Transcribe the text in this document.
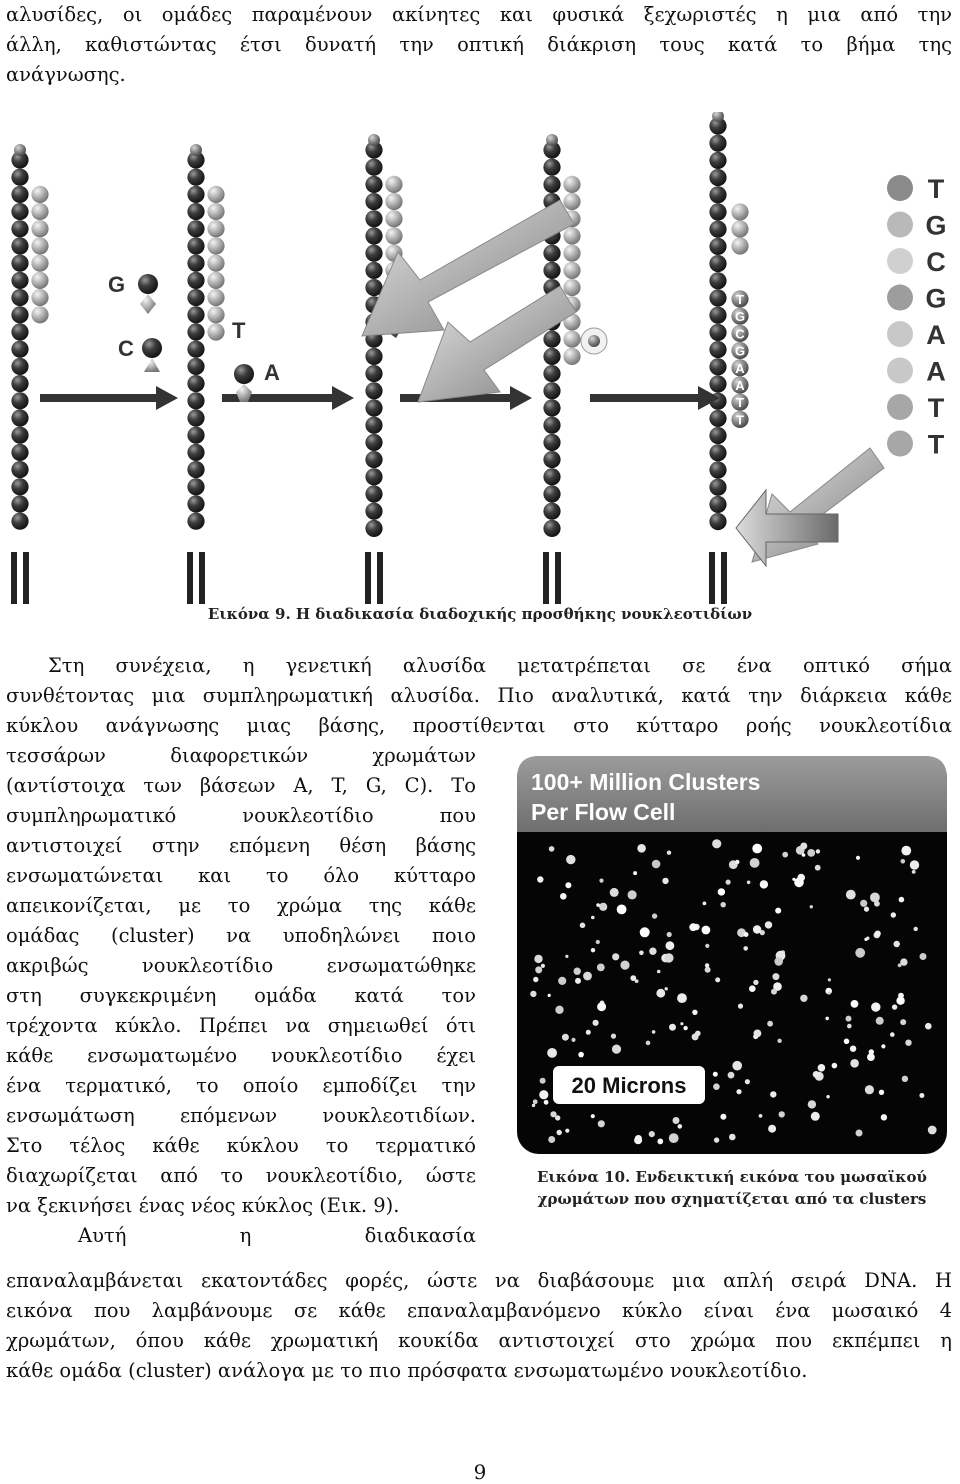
αλυσίδες, οι ομάδες παραμένουν ακίνητες και φυσικά ξεχωριστές η μια από την
άλλη, καθιστώντας έτσι δυνατή την οπτική διάκριση τους κατά το βήμα της
ανάγνωσης.
T
G
C
G
A
A
T
T
G
C
T
A
T
G
C
G
A
A
T
T
Εικόνα 9. Η διαδικασία διαδοχικής προσθήκης νουκλεοτιδίων
Στη συνέχεια, η γενετική αλυσίδα μετατρέπεται σε ένα οπτικό σήμα
συνθέτοντας μια συμπληρωματική αλυσίδα. Πιο αναλυτικά, κατά την διάρκεια κάθε
κύκλου ανάγνωσης μιας βάσης, προστίθενται στο κύτταρο ροής νουκλεοτίδια
τεσσάρων διαφορετικών χρωμάτων
(αντίστοιχα των βάσεων A, T, G, C). Το
συμπληρωματικό νουκλεοτίδιο που
αντιστοιχεί στην επόμενη θέση βάσης
ενσωματώνεται και το όλο κύτταρο
απεικονίζεται, με το χρώμα της κάθε
ομάδας (cluster) να υποδηλώνει ποιο
ακριβώς νουκλεοτίδιο ενσωματώθηκε
στη συγκεκριμένη ομάδα κατά τον
τρέχοντα κύκλο. Πρέπει να σημειωθεί ότι
κάθε ενσωματωμένο νουκλεοτίδιο έχει
ένα τερματικό, το οποίο εμποδίζει την
ενσωμάτωση επόμενων νουκλεοτιδίων.
Στο τέλος κάθε κύκλου το τερματικό
διαχωρίζεται από το νουκλεοτίδιο, ώστε
να ξεκινήσει ένας νέος κύκλος (Εικ. 9).
Αυτή η διαδικασία
100+ Million Clusters
Per Flow Cell
20 Microns
Εικόνα 10. Ενδεικτική εικόνα του μωσαϊκού
χρωμάτων που σχηματίζεται από τα clusters
επαναλαμβάνεται εκατοντάδες φορές, ώστε να διαβάσουμε μια απλή σειρά DNA. Η
εικόνα που λαμβάνουμε σε κάθε επαναλαμβανόμενο κύκλο είναι ένα μωσαικό 4
χρωμάτων, όπου κάθε χρωματική κουκίδα αντιστοιχεί στο χρώμα που εκπέμπει η
κάθε ομάδα (cluster) ανάλογα με το πιο πρόσφατα ενσωματωμένο νουκλεοτίδιο.
9
